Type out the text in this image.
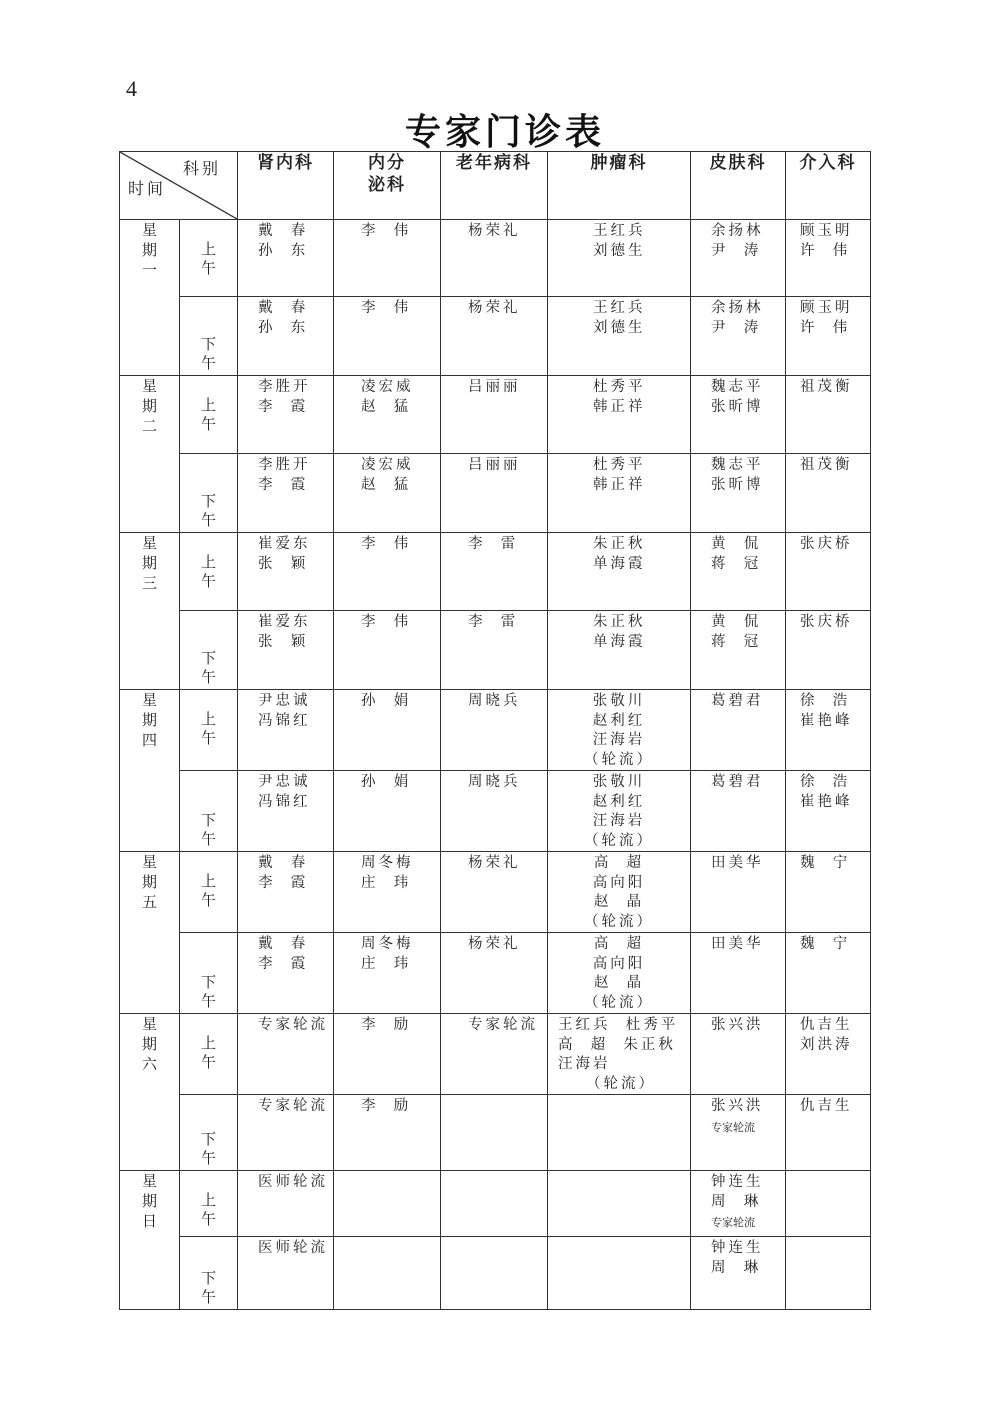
4
专家门诊表
科别
时间		肾内科	内分
泌科	老年病科	肿瘤科	皮肤科	介入科

星
期
一	上
午	戴  春
孙  东	李  伟	杨荣礼	王红兵
刘德生	余扬林
尹  涛	顾玉明
许  伟

	下
午	戴  春
孙  东	李  伟	杨荣礼	王红兵
刘德生	余扬林
尹  涛	顾玉明
许  伟

星
期
二	上
午	李胜开
李  霞	凌宏威
赵  猛	吕丽丽	杜秀平
韩正祥	魏志平
张昕博	祖茂衡

	下
午	李胜开
李  霞	凌宏威
赵  猛	吕丽丽	杜秀平
韩正祥	魏志平
张昕博	祖茂衡

星
期
三	上
午	崔爱东
张  颖	李  伟	李  雷	朱正秋
单海霞	黄  侃
蒋  冠	张庆桥

	下
午	崔爱东
张  颖	李  伟	李  雷	朱正秋
单海霞	黄  侃
蒋  冠	张庆桥

星
期
四	上
午	尹忠诚
冯锦红	孙  娟	周晓兵	张敬川
赵利红
汪海岩
（轮流）	葛碧君	徐  浩
崔艳峰

	下
午	尹忠诚
冯锦红	孙  娟	周晓兵	张敬川
赵利红
汪海岩
（轮流）	葛碧君	徐  浩
崔艳峰

星
期
五	上
午	戴  春
李  霞	周冬梅
庄  玮	杨荣礼	高  超
高向阳
赵  晶
（轮流）	田美华	魏  宁

	下
午	戴  春
李  霞	周冬梅
庄  玮	杨荣礼	高  超
高向阳
赵  晶
（轮流）	田美华	魏  宁

星
期
六	上
午	专家轮流	李  励	专家轮流	王红兵  杜秀平
高  超  朱正秋
汪海岩
（轮流）	张兴洪	仇吉生
刘洪涛

	下
午	专家轮流	李  励			张兴洪
专家轮流	仇吉生

星
期
日	上
午	医师轮流				钟连生
周  琳
专家轮流	

	下
午	医师轮流				钟连生
周  琳	
